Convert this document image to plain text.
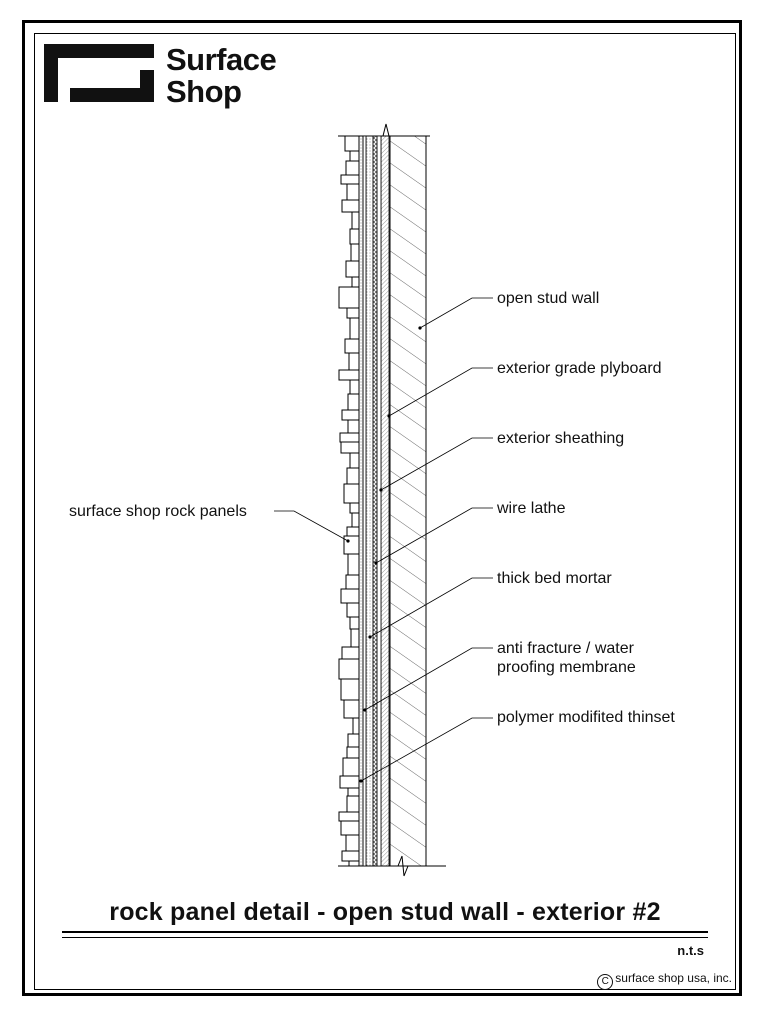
Surface
Shop
open stud wall
exterior grade plyboard
exterior sheathing
wire lathe
thick bed mortar
anti fracture / water
proofing membrane
polymer modifited thinset
surface shop rock panels
rock panel detail - open stud wall - exterior #2
n.t.s
C surface shop usa, inc.
